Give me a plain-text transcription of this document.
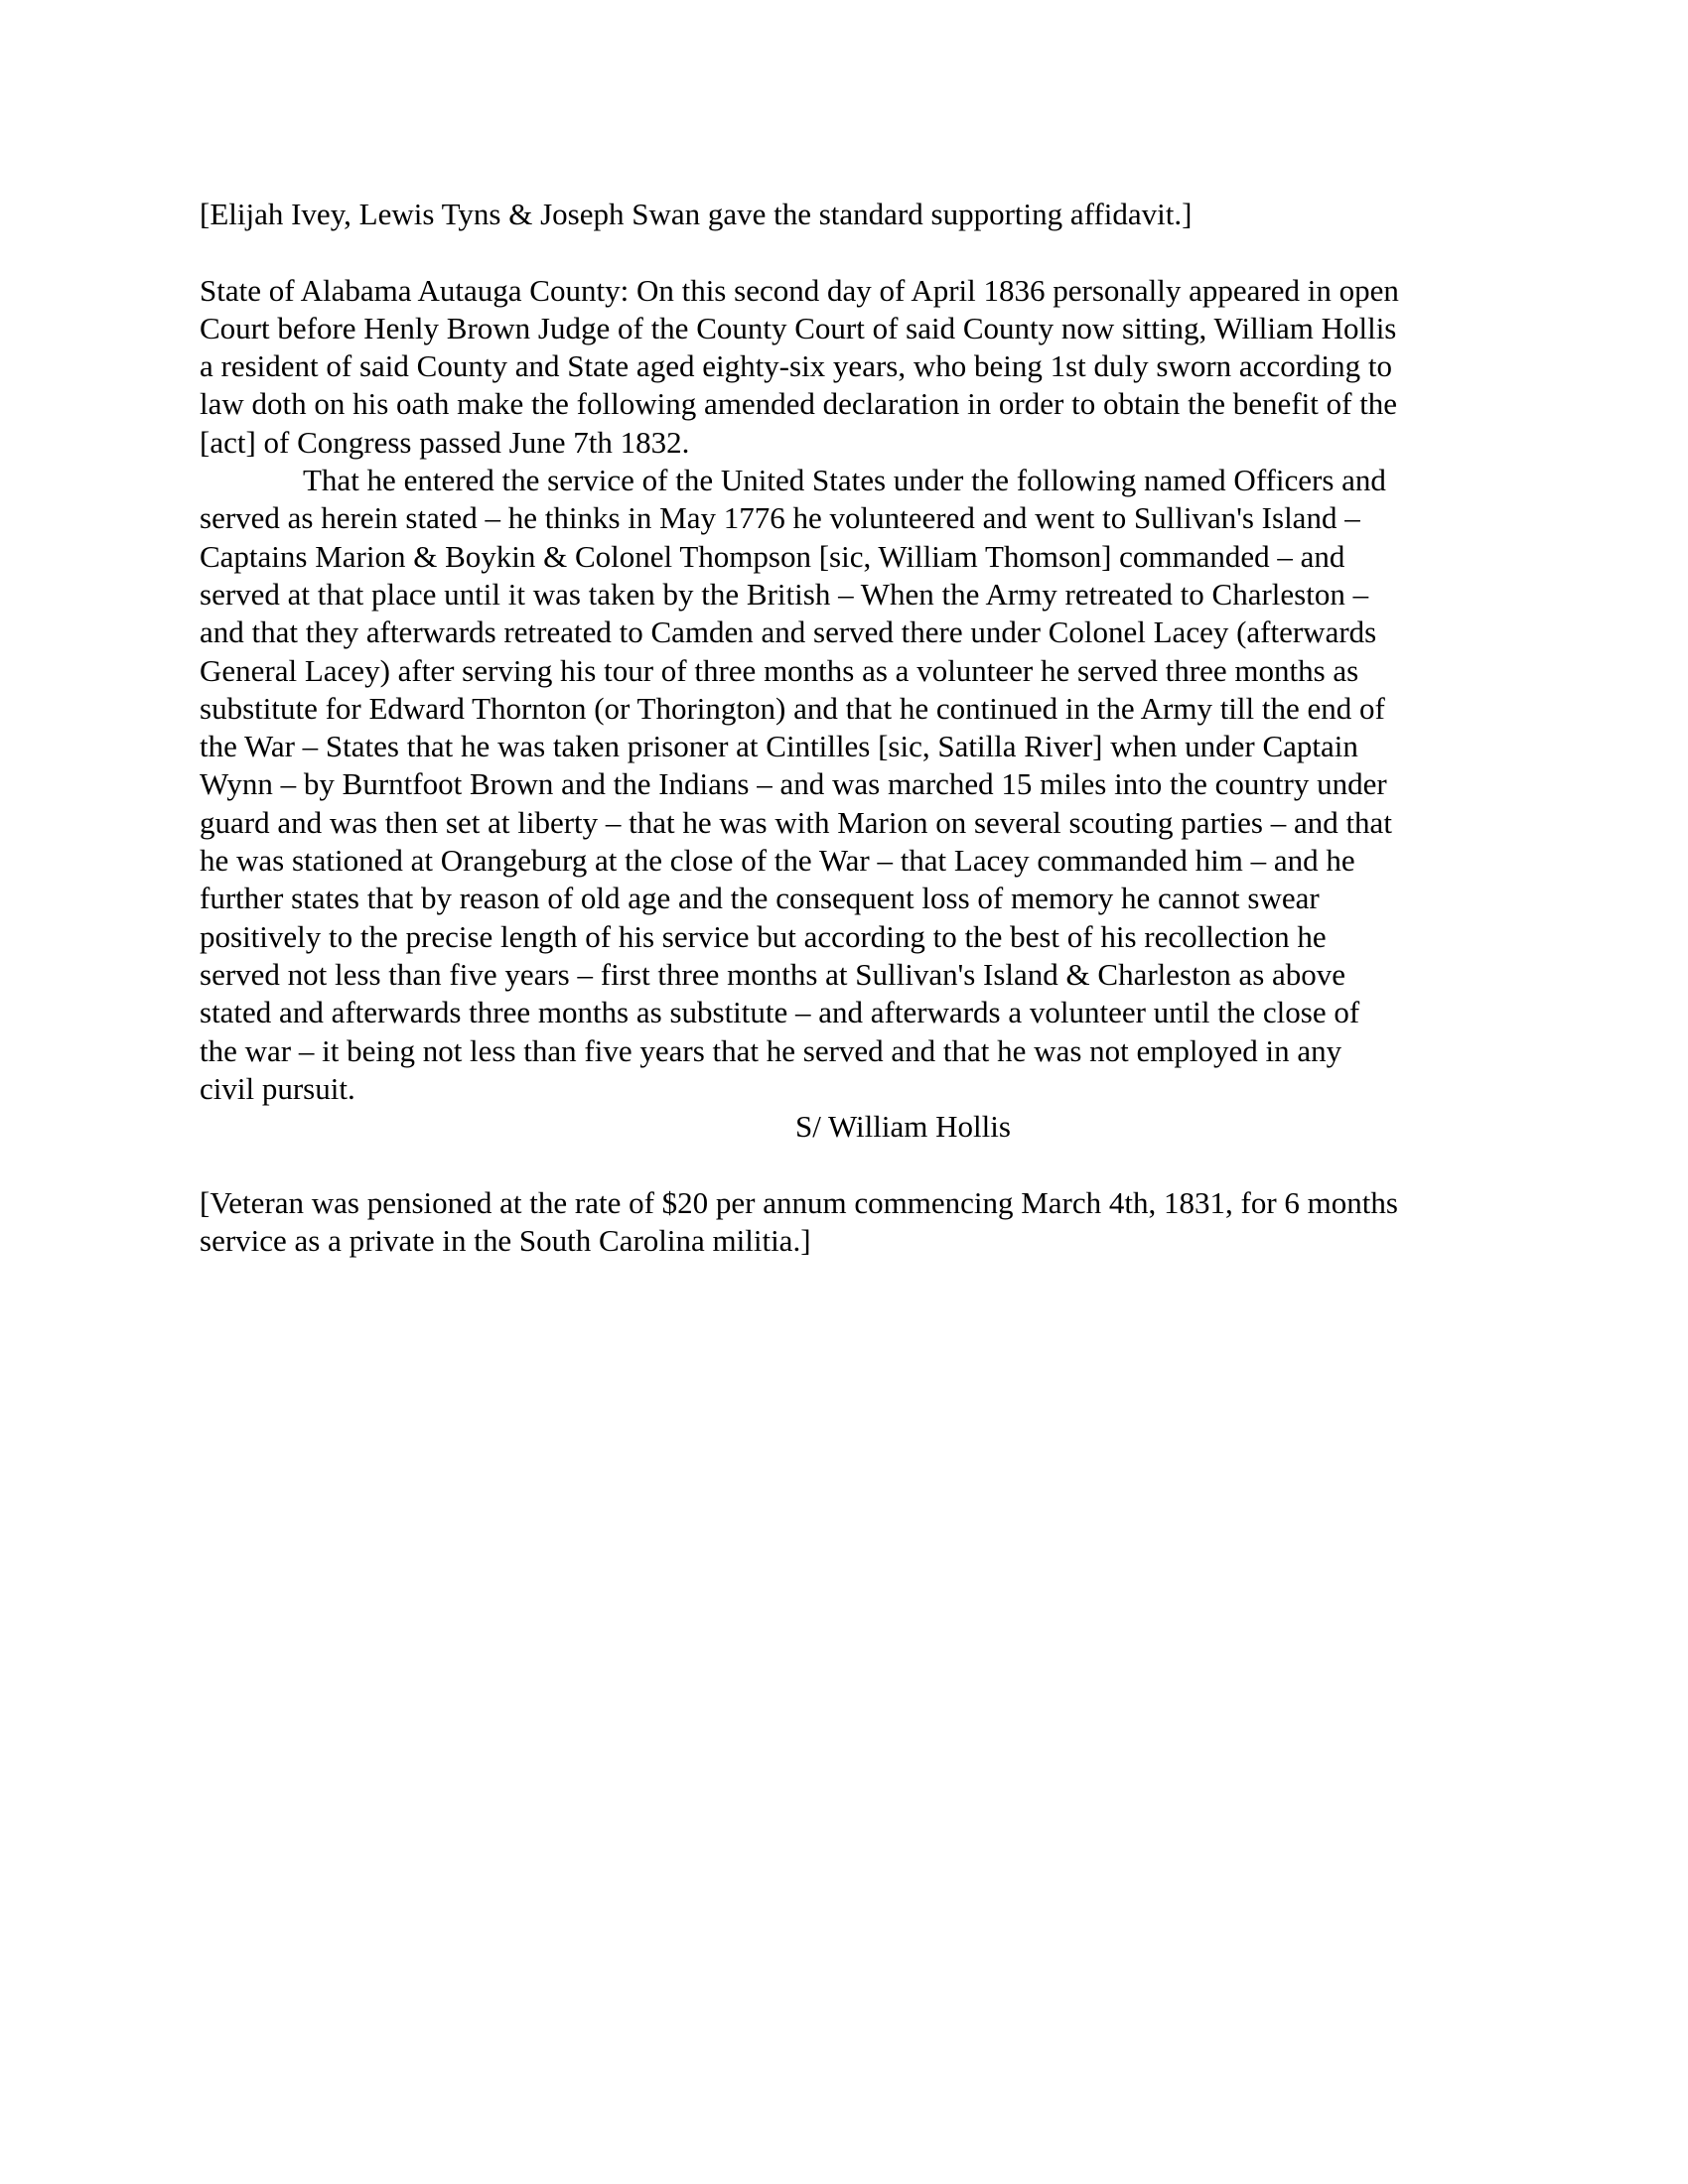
[Elijah Ivey, Lewis Tyns & Joseph Swan gave the standard supporting affidavit.]
State of Alabama Autauga County: On this second day of April 1836 personally appeared in open
Court before Henly Brown Judge of the County Court of said County now sitting, William Hollis
a resident of said County and State aged eighty-six years, who being 1st duly sworn according to
law doth on his oath make the following amended declaration in order to obtain the benefit of the
[act] of Congress passed June 7th 1832.
That he entered the service of the United States under the following named Officers and
served as herein stated – he thinks in May 1776 he volunteered and went to Sullivan's Island –
Captains Marion & Boykin & Colonel Thompson [sic, William Thomson] commanded – and
served at that place until it was taken by the British – When the Army retreated to Charleston –
and that they afterwards retreated to Camden and served there under Colonel Lacey (afterwards
General Lacey) after serving his tour of three months as a volunteer he served three months as
substitute for Edward Thornton (or Thorington) and that he continued in the Army till the end of
the War – States that he was taken prisoner at Cintilles [sic, Satilla River] when under Captain
Wynn – by Burntfoot Brown and the Indians – and was marched 15 miles into the country under
guard and was then set at liberty – that he was with Marion on several scouting parties – and that
he was stationed at Orangeburg at the close of the War – that Lacey commanded him – and he
further states that by reason of old age and the consequent loss of memory he cannot swear
positively to the precise length of his service but according to the best of his recollection he
served not less than five years – first three months at Sullivan's Island & Charleston as above
stated and afterwards three months as substitute – and afterwards a volunteer until the close of
the war – it being not less than five years that he served and that he was not employed in any
civil pursuit.
S/ William Hollis
[Veteran was pensioned at the rate of $20 per annum commencing March 4th, 1831, for 6 months
service as a private in the South Carolina militia.]
